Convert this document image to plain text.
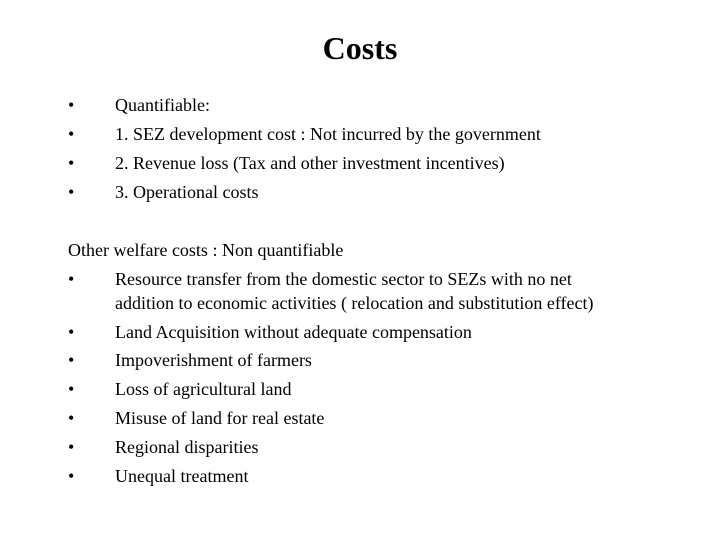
Costs
•	Quantifiable:
•	1. SEZ development cost : Not incurred by the government
•	2. Revenue loss (Tax and other investment incentives)
•	3. Operational costs
Other welfare costs : Non quantifiable
•	Resource transfer from the domestic sector to SEZs with no net
addition to economic activities ( relocation and substitution effect)
•	Land Acquisition without adequate compensation
•	Impoverishment of farmers
•	Loss of agricultural land
•	Misuse of land for real estate
•	Regional disparities
•	Unequal treatment
